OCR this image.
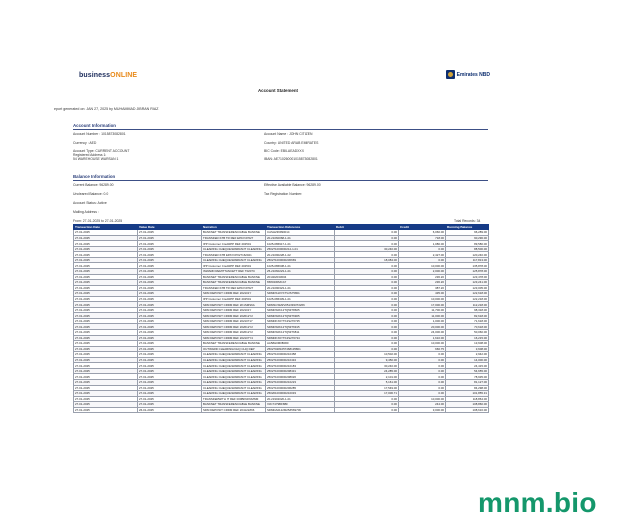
businessONLINE	Emirates NBD
Account Statement
eport generated on: JAN 27, 2025 by MUHAMMAD JIBRAN RIAZ
Account Information
Account Number : 1015873082801
Currency : AED
Account Type: CURRENT ACCOUNT
Registered Address 1:
54 WAREHOUSE WARSAN 1
Account Name : JOHN CITIZEN
Country: UNITED ARAB EMIRATES
BIC Code: EBILAEADXXX
IBAN: AE710260001015873082801
Balance Information
Current Balance: 96289.00
Uncleared Balance: 0.0
Account Status: Active
Mailing Address :
Effective Available Balance: 96289.00
Tax Registration Number:
From: 27-01-2025 to 27-01-2025	Total Records: 34
Transaction Date	Value Date	Narration	Transaction Reference	Debit	Credit	Running Balance
27-01-2025	27-01-2025	BANKNET TRANSFERENCIABLE BANKNE	CASH236990014	0.00	6,060.00	96,289.00
27-01-2025	27-01-2025	TRANSFER-STB TR REF EPAYCP027	20-21060068-1-01	0.00	718.00	90,296.00
27-01-2025	27-01-2025	IPP Customer CreditIPP REF 202501	1025-086917-1-01	0.00	1,080.00	89,580.00
27-01-2025	27-01-2025	CLEARING CHEQUE/WARRANT CLEARING	250271000000212-1-01	30,240.00	0.00	88,500.00
27-01-2025	27-01-2025	TRANSFER-STB EPAYCP027162021	20-21090228-1-02	0.00	2,427.00	120,240.00
27-01-2025	27-01-2025	CLEARING CHEQUE/WARRANT CLEARING	250271000000230669	18,084.00	0.00	117,813.00
27-01-2025	27-01-2025	IPP Customer CreditIPP REF 202501	1025-086638-1-01	0.00	10,000.00	135,878.00
27-01-2025	27-01-2025	INWARD REMITTANCETT REF T0207C	25-21060223-1-01	0.00	2,000.00	125,878.00
27-01-2025	27-01-2025	BANKNET TRANSFERENCIABLE BANKNE	201402033004	0.00	236.20	123,478.00
27-01-2025	27-01-2025	BANKNET TRANSFERENCIABLE BANKNE	6584330MCA7	0.00	236.20	123,241.00
27-01-2025	27-01-2025	TRANSFER-STB TR REF EPAYCP027	20-21090323-1-01	0.00	387.20	123,005.00
27-01-2025	27-01-2025	SDM DEPOSIT CRDM REF 202101Y	SDMDS10YKTV2S75801	0.00	435.00	122,618.00
27-01-2025	27-01-2025	IPP Customer CreditIPP REF 202501	1025-086339-1-01	0.00	10,000.00	122,218.00
27-01-2025	27-01-2025	SDM DEPOSIT CRDM REF 2K1SMS6A	SDMSCSM2V0513933T2266	0.00	17,000.00	112,218.00
27-01-2025	27-01-2025	SDM DEPOSIT CRDM REF 202101Y	SDMDS0K12TQ5Z78605	0.00	11,700.00	98,318.00
27-01-2025	27-01-2025	SDM DEPOSIT CRDM REF 202612Y2	SDMDS0K12TQ5Z76905	0.00	11,000.00	82,618.00
27-01-2025	27-01-2025	SDM DEPOSIT CRDM REF 20210717	SDMDKX0YTK2S276725	0.00	1,000.00	71,618.00
27-01-2025	27-01-2025	SDM DEPOSIT CRDM REF 202612Y2	SDMDS0K12TQ5Z76915	0.00	20,000.00	70,618.00
27-01-2025	27-01-2025	SDM DEPOSIT CRDM REF 202612Y2	SDMDS0K12TQ5Z76811	0.00	24,000.00	50,060.00
27-01-2025	27-01-2025	SDM DEPOSIT CRDM REF 202107Y4	SDMDKX0YTK2S276724	0.00	1,610.00	16,215.00
27-01-2025	27-01-2025	BANKNET TRANSFERENCIABLE BANKNE	AA58H0M0B060	0.00	10,000.00	13,608.00
27-01-2025	27-01-2025	OUTWARD CLEARING/CHQ CHQ DEP	250270281057468135801	0.00	666.75	3,608.00
27-01-2025	27-01-2025	CLEARING CHEQUE/WARRANT CLEARING	250271000000210458	10,502.00	0.00	2,942.00
27-01-2025	27-01-2025	CLEARING CHEQUE/WARRANT CLEARING	250271000000210434	9,450.00	0.00	14,000.00
27-01-2025	27-01-2025	CLEARING CHEQUE/WARRANT CLEARING	250271000000210183	30,240.00	0.00	24,415.00
27-01-2025	27-01-2025	CLEARING CHEQUE/WARRANT CLEARING	250271000000208431	24,285.00	0.00	54,655.00
27-01-2025	27-01-2025	CLEARING CHEQUE/WARRANT CLEARING	250271000000208026	2,101.00	0.00	78,935.00
27-01-2025	27-01-2025	CLEARING CHEQUE/WARRANT CLEARING	250271000000210223	5,161.00	0.00	81,127.00
27-01-2025	27-01-2025	CLEARING CHEQUE/WARRANT CLEARING	250271000000206285	17,549.00	0.00	84,298.00
27-01-2025	27-01-2025	CLEARING CHEQUE/WARRANT CLEARING	250201000000210033	17,006.71	0.00	101,855.31
27-01-2025	27-01-2025	TRANSFERWITH IT REF 000BKNKNMNM	20-21902020-1-01	0.00	10,000.00	118,864.00
27-01-2025	27-01-2025	BANKNET TRANSFERENCIABLE BANKNE	X3C7479BF6BF	0.00	244.00	108,860.00
27-01-2025	26-01-2025	SDM DEPOSIT CRDM REF 204122Z66	SDMDA0122M25Z569706	0.00	3,000.00	108,616.00
mnm.bio
